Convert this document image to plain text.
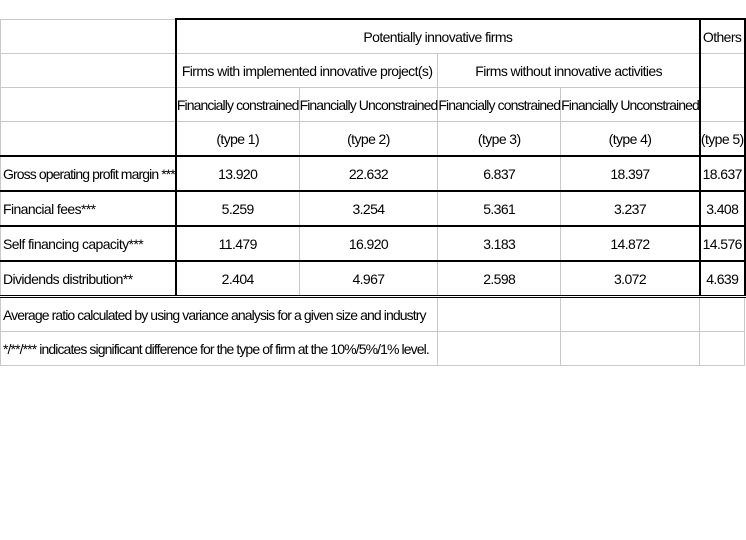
	Potentially innovative firms				Others
	Firms with implemented innovative project(s)		Firms without innovative activities		
	Financially constrained	Financially Unconstrained	Financially constrained	Financially Unconstrained	
	(type 1)	(type 2)	(type 3)	(type 4)	(type 5)
Gross operating profit margin ***	13.920	22.632	6.837	18.397	18.637
Financial fees***	5.259	3.254	5.361	3.237	3.408
Self financing capacity***	11.479	16.920	3.183	14.872	14.576
Dividends distribution**	2.404	4.967	2.598	3.072	4.639
Average ratio calculated by using variance analysis for a given size and industry					
*/**/*** indicates significant difference for the type of firm at the 10%/5%/1% level.					
